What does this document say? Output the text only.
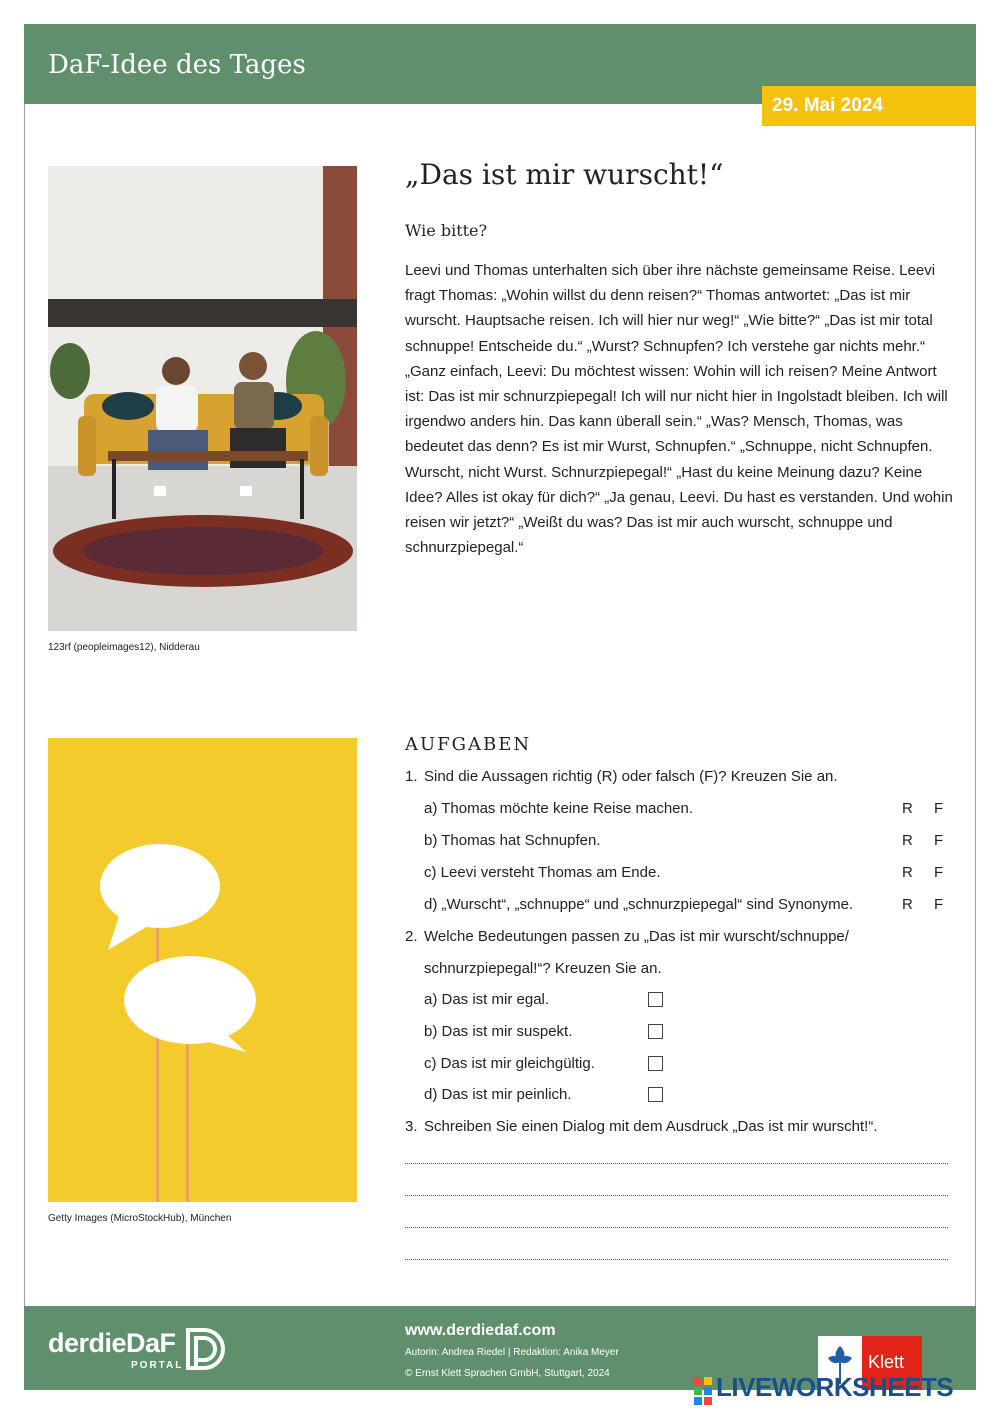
DaF-Idee des Tages
29. Mai 2024
123rf (peopleimages12), Nidderau
„Das ist mir wurscht!“
Wie bitte?

Leevi und Thomas unterhalten sich über ihre nächste gemeinsame Reise. Leevi fragt Thomas: „Wohin willst du denn reisen?“ Thomas antwortet: „Das ist mir wurscht. Hauptsache reisen. Ich will hier nur weg!“ „Wie bitte?“ „Das ist mir total schnuppe! Entscheide du.“ „Wurst? Schnupfen? Ich verstehe gar nichts mehr.“ „Ganz einfach, Leevi: Du möchtest wissen: Wohin will ich reisen? Meine Antwort ist: Das ist mir schnurzpiepegal! Ich will nur nicht hier in Ingolstadt bleiben. Ich will irgendwo anders hin. Das kann überall sein.“ „Was? Mensch, Thomas, was bedeutet das denn? Es ist mir Wurst, Schnupfen.“ „Schnuppe, nicht Schnupfen. Wurscht, nicht Wurst. Schnurzpiepegal!“ „Hast du keine Meinung dazu? Keine Idee? Alles ist okay für dich?“ „Ja genau, Leevi. Du hast es verstanden. Und wohin reisen wir jetzt?“ „Weißt du was? Das ist mir auch wurscht, schnuppe und schnurzpiepegal.“

Getty Images (MicroStockHub), München
AUFGABEN
1. Sind die Aussagen richtig (R) oder falsch (F)? Kreuzen Sie an.
a) Thomas möchte keine Reise machen.	R F
b) Thomas hat Schnupfen.	R F
c) Leevi versteht Thomas am Ende.	R F
d) „Wurscht“, „schnuppe“ und „schnurzpiepegal“ sind Synonyme.	R F
2. Welche Bedeutungen passen zu „Das ist mir wurscht/schnuppe/
schnurzpiepegal!“? Kreuzen Sie an.
a) Das ist mir egal.
b) Das ist mir suspekt.
c) Das ist mir gleichgültig.
d) Das ist mir peinlich.
3. Schreiben Sie einen Dialog mit dem Ausdruck „Das ist mir wurscht!“.
derdieDaF
PORTAL
www.derdiedaf.com
Autorin: Andrea Riedel | Redaktion: Anika Meyer
© Ernst Klett Sprachen GmbH, Stuttgart, 2024
Klett
LIVEWORKSHEETS
